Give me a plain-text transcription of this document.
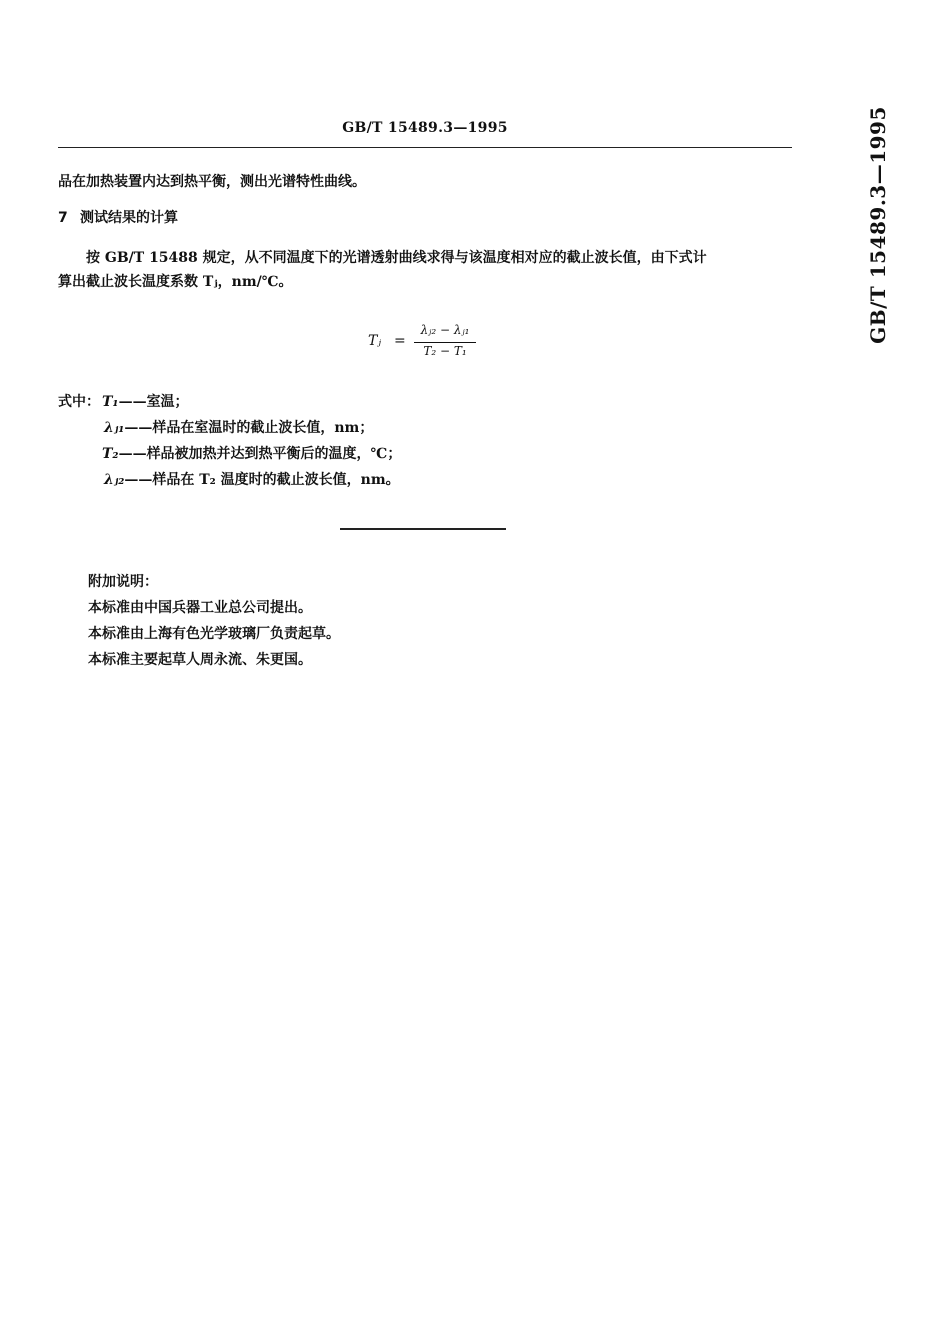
GB/T 15489.3—1995	GB/T 15489.3—1995
品在加热装置内达到热平衡，测出光谱特性曲线。
7 测试结果的计算
按 GB/T 15488 规定，从不同温度下的光谱透射曲线求得与该温度相对应的截止波长值，由下式计
算出截止波长温度系数 Tⱼ，nm/℃。
Tⱼ =
λⱼ₂ − λⱼ₁
T₂ − T₁
式中： T₁——室温；
λⱼ₁——样品在室温时的截止波长值，nm；
T₂——样品被加热并达到热平衡后的温度，℃；
λⱼ₂——样品在 T₂ 温度时的截止波长值，nm。
附加说明：
本标准由中国兵器工业总公司提出。
本标准由上海有色光学玻璃厂负责起草。
本标准主要起草人周永流、朱更国。
